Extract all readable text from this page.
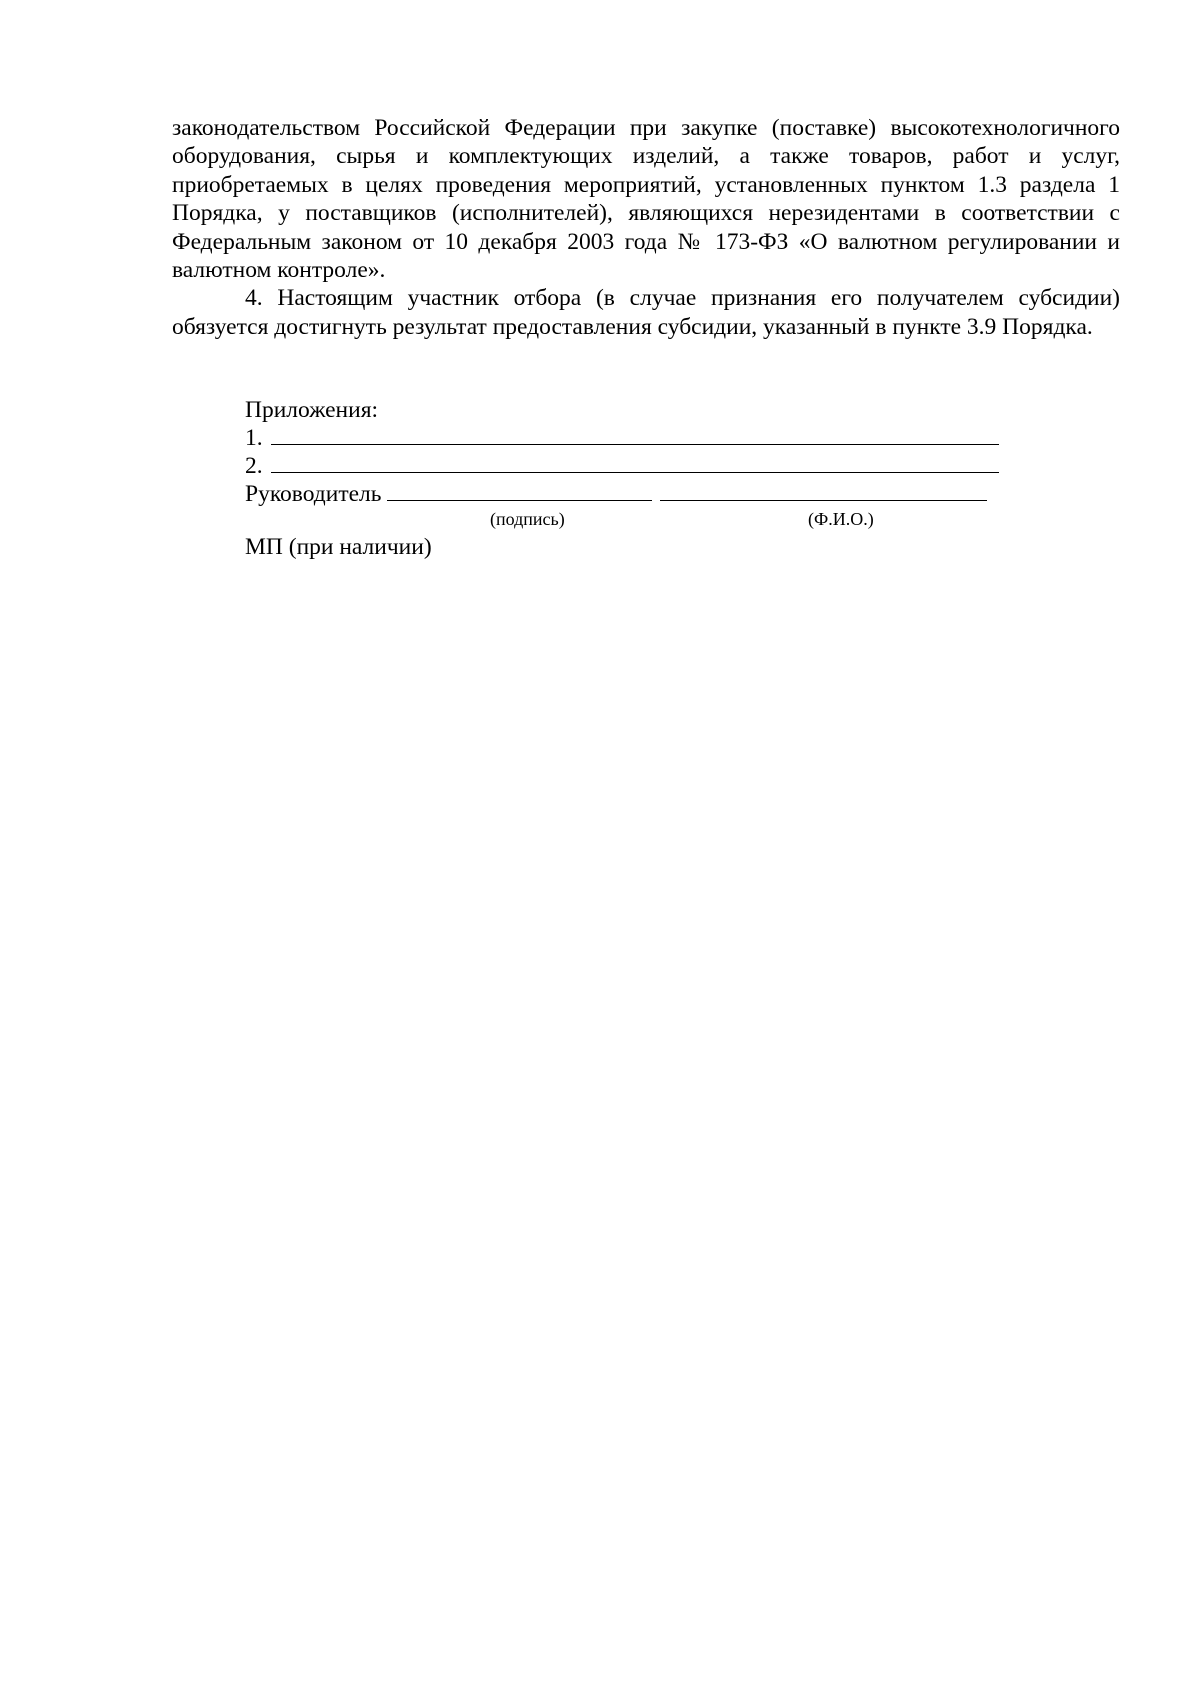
законодательством Российской Федерации при закупке (поставке) высокотехнологичного оборудования, сырья и комплектующих изделий, а также товаров, работ и услуг, приобретаемых в целях проведения мероприятий, установленных пунктом 1.3 раздела 1 Порядка, у поставщиков (исполнителей), являющихся нерезидентами в соответствии с Федеральным законом от 10 декабря 2003 года № 173-ФЗ «О валютном регулировании и валютном контроле».

4. Настоящим участник отбора (в случае признания его получателем субсидии) обязуется достигнуть результат предоставления субсидии, указанный в пункте 3.9 Порядка.

Приложения:

1.
2.
Руководитель
(подпись)	(Ф.И.О.)

МП (при наличии)
